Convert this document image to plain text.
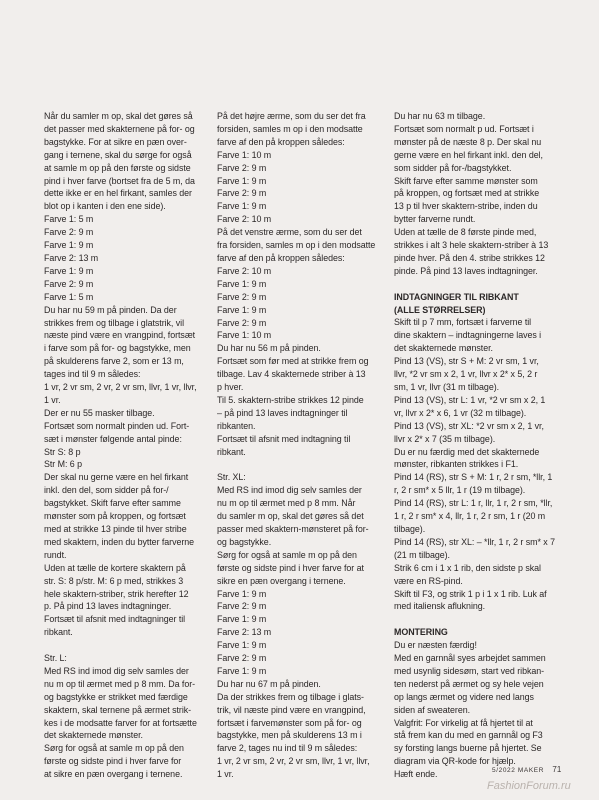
Når du samler m op, skal det gøres så

det passer med skakternene på for- og

bagstykke. For at sikre en pæn over-

gang i ternene, skal du sørge for også

at samle m op på den første og sidste

pind i hver farve (bortset fra de 5 m, da

dette ikke er en hel firkant, samles der

blot op i kanten i den ene side).

Farve 1: 5 m

Farve 2: 9 m

Farve 1: 9 m

Farve 2: 13 m

Farve 1: 9 m

Farve 2: 9 m

Farve 1: 5 m

Du har nu 59 m på pinden. Da der

strikkes frem og tilbage i glatstrik, vil

næste pind være en vrangpind, fortsæt

i farve som på for- og bagstykke, men

på skulderens farve 2, som er 13 m,

tages ind til 9 m således:

1 vr, 2 vr sm, 2 vr, 2 vr sm, llvr, 1 vr, llvr,

1 vr.

Der er nu 55 masker tilbage.

Fortsæt som normalt pinden ud. Fort-

sæt i mønster følgende antal pinde:

Str S: 8 p

Str M: 6 p

Der skal nu gerne være en hel firkant

inkl. den del, som sidder på for-/

bagstykket. Skift farve efter samme

mønster som på kroppen, og fortsæt

med at strikke 13 pinde til hver stribe

med skaktern, inden du bytter farverne

rundt.

Uden at tælle de kortere skaktern på

str. S: 8 p/str. M: 6 p med, strikkes 3

hele skaktern-striber, strik herefter 12

p. På pind 13 laves indtagninger.

Fortsæt til afsnit med indtagninger til

ribkant.

Str. L:

Med RS ind imod dig selv samles der

nu m op til ærmet med p 8 mm. Da for-

og bagstykke er strikket med færdige

skaktern, skal ternene på ærmet strik-

kes i de modsatte farver for at fortsætte

det skakternede mønster.

Sørg for også at samle m op på den

første og sidste pind i hver farve for

at sikre en pæn overgang i ternene.

På det højre ærme, som du ser det fra

forsiden, samles m op i den modsatte

farve af den på kroppen således:

Farve 1: 10 m

Farve 2: 9 m

Farve 1: 9 m

Farve 2: 9 m

Farve 1: 9 m

Farve 2: 10 m

På det venstre ærme, som du ser det

fra forsiden, samles m op i den modsatte

farve af den på kroppen således:

Farve 2: 10 m

Farve 1: 9 m

Farve 2: 9 m

Farve 1: 9 m

Farve 2: 9 m

Farve 1: 10 m

Du har nu 56 m på pinden.

Fortsæt som før med at strikke frem og

tilbage. Lav 4 skakternede striber à 13

p hver.

Til 5. skaktern-stribe strikkes 12 pinde

– på pind 13 laves indtagninger til

ribkanten.

Fortsæt til afsnit med indtagning til

ribkant.

Str. XL:

Med RS ind imod dig selv samles der

nu m op til ærmet med p 8 mm. Når

du samler m op, skal det gøres så det

passer med skaktern-mønsteret på for-

og bagstykke.

Sørg for også at samle m op på den

første og sidste pind i hver farve for at

sikre en pæn overgang i ternene.

Farve 1: 9 m

Farve 2: 9 m

Farve 1: 9 m

Farve 2: 13 m

Farve 1: 9 m

Farve 2: 9 m

Farve 1: 9 m

Du har nu 67 m på pinden.

Da der strikkes frem og tilbage i glats-

trik, vil næste pind være en vrangpind,

fortsæt i farvemønster som på for- og

bagstykke, men på skulderens 13 m i

farve 2, tages nu ind til 9 m således:

1 vr, 2 vr sm, 2 vr, 2 vr sm, llvr, 1 vr, llvr,

1 vr.

Du har nu 63 m tilbage.

Fortsæt som normalt p ud. Fortsæt i

mønster på de næste 8 p. Der skal nu

gerne være en hel firkant inkl. den del,

som sidder på for-/bagstykket.

Skift farve efter samme mønster som

på kroppen, og fortsæt med at strikke

13 p til hver skaktern-stribe, inden du

bytter farverne rundt.

Uden at tælle de 8 første pinde med,

strikkes i alt 3 hele skaktern-striber à 13

pinde hver. På den 4. stribe strikkes 12

pinde. På pind 13 laves indtagninger.

INDTAGNINGER TIL RIBKANT

(ALLE STØRRELSER)

Skift til p 7 mm, fortsæt i farverne til

dine skaktern – indtagningerne laves i

det skakternede mønster.

Pind 13 (VS), str S + M: 2 vr sm, 1 vr,

llvr, *2 vr sm x 2, 1 vr, llvr x 2* x 5, 2 r

sm, 1 vr, llvr (31 m tilbage).

Pind 13 (VS), str L: 1 vr, *2 vr sm x 2, 1

vr, llvr x 2* x 6, 1 vr (32 m tilbage).

Pind 13 (VS), str XL: *2 vr sm x 2, 1 vr,

llvr x 2* x 7 (35 m tilbage).

Du er nu færdig med det skakternede

mønster, ribkanten strikkes i F1.

Pind 14 (RS), str S + M: 1 r, 2 r sm, *llr, 1

r, 2 r sm* x 5 llr, 1 r (19 m tilbage).

Pind 14 (RS), str L: 1 r, llr, 1 r, 2 r sm, *llr,

1 r, 2 r sm* x 4, llr, 1 r, 2 r sm, 1 r (20 m

tilbage).

Pind 14 (RS), str XL: – *llr, 1 r, 2 r sm* x 7

(21 m tilbage).

Strik 6 cm i 1 x 1 rib, den sidste p skal

være en RS-pind.

Skift til F3, og strik 1 p i 1 x 1 rib. Luk af

med italiensk aflukning.

MONTERING

Du er næsten færdig!

Med en garnnål syes arbejdet sammen

med usynlig sidesøm, start ved ribkan-

ten nederst på ærmet og sy hele vejen

op langs ærmet og videre ned langs

siden af sweateren.

Valgfrit: For virkelig at få hjertet til at

stå frem kan du med en garnnål og F3

sy forsting langs buerne på hjertet. Se

diagram via QR-kode for hjælp.

Hæft ende.	5/2022 MAKER 71
FashionForum.ru
